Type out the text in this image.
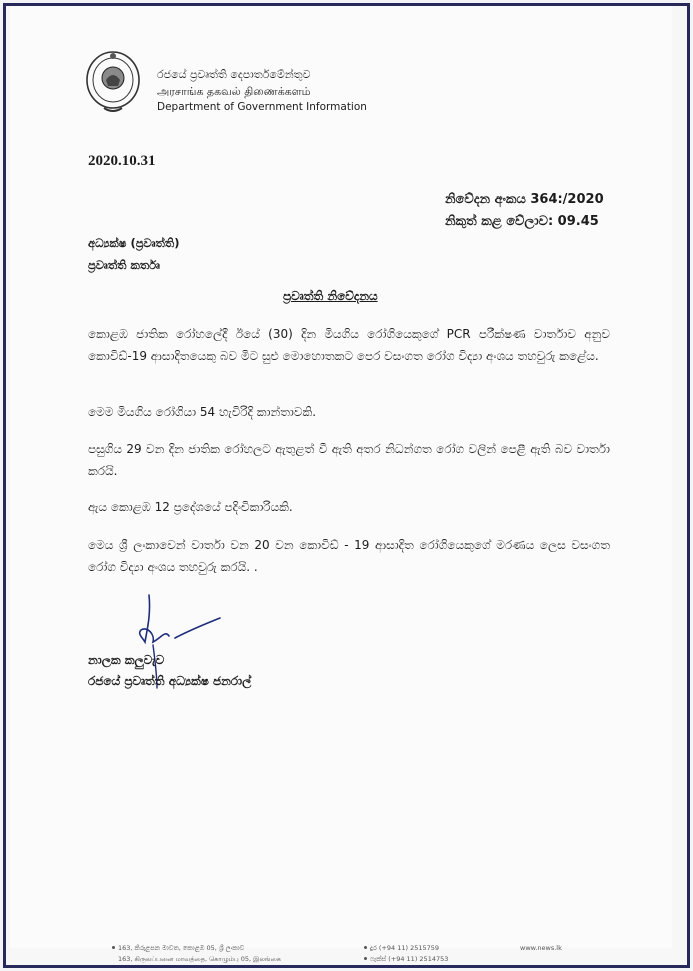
රජයේ ප්‍රවෘත්ති දෙපාර්තමේන්තුව
அரசாங்க தகவல் திணைக்களம்
Department of Government Information
2020.10.31
නිවේදන අංකය 364:/2020
නිකුත් කළ වේලාව: 09.45
අධ්‍යක්ෂ (ප්‍රවෘත්ති)
ප්‍රවෘත්ති කර්තෘ
ප්‍රවෘත්ති නිවේදනය
කොළඹ ජාතික රෝහලේදී ඊයේ (30) දින මියගිය රෝගියෙකුගේ PCR පරීක්ෂණ වාර්තාව අනුව කොවිඩ්-19 ආසාදිතයෙකු බව මිට සුළු මොහොතකට පෙර වසංගත රෝග විද්‍යා අංශය තහවුරු කළේය.
මෙම මියගිය රෝගියා 54 හැවිරිදි කාන්තාවකි.
පසුගිය 29 වන දින ජාතික රෝහලට ඇතුළත් වී ඇති අතර නිධන්ගත රෝග වලින් පෙළී ඇති බව වාර්තා කරයි.
ඇය කොළඹ 12 ප්‍රදේශයේ පදිංචිකාරියකි.
මෙය ශ්‍රී ලංකාවෙන් වාර්තා වන 20 වන කොවිඩ් - 19 ආසාදිත රෝගියෙකුගේ මරණය ලෙස වසංගත රෝග විද්‍යා අංශය තහවුරු කරයි. .
නාලක කලුවැව
රජයේ ප්‍රවෘත්ති අධ්‍යක්ෂ ජනරාල්
163, කිරුළපන මාවත, කොළඹ 05, ශ්‍රී ලංකාව
163, கிருலப்பனை மாவத்தை, கொழும்பு 05, இலங்கை
දුර (+94 11) 2515759
ෆැක්ස් (+94 11) 2514753
www.news.lk
